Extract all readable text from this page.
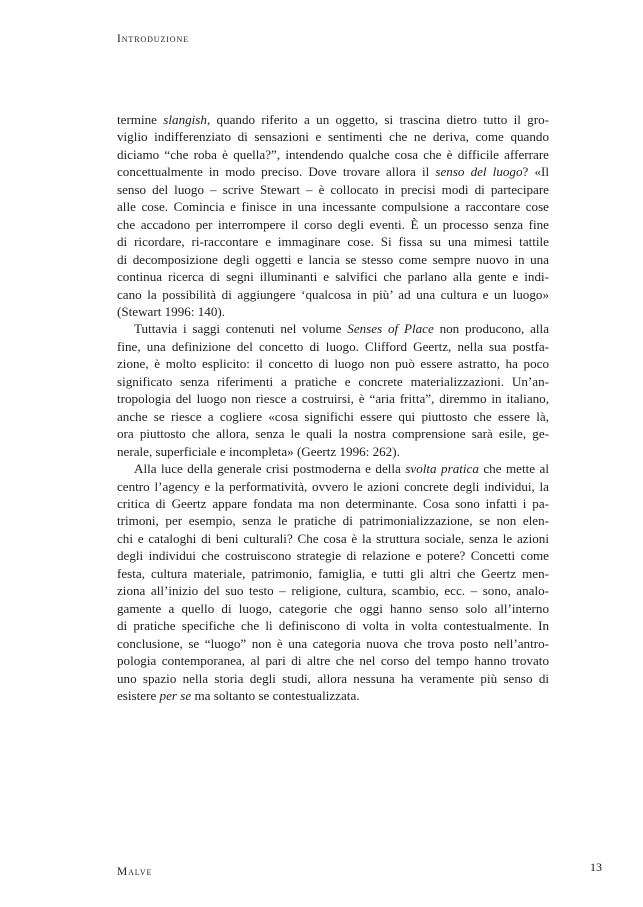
Introduzione

termine slangish, quando riferito a un oggetto, si trascina dietro tutto il gro-
viglio indifferenziato di sensazioni e sentimenti che ne deriva, come quando
diciamo “che roba è quella?”, intendendo qualche cosa che è difficile afferrare
concettualmente in modo preciso. Dove trovare allora il senso del luogo? «Il
senso del luogo – scrive Stewart – è collocato in precisi modi di partecipare
alle cose. Comincia e finisce in una incessante compulsione a raccontare cose
che accadono per interrompere il corso degli eventi. È un processo senza fine
di ricordare, ri-raccontare e immaginare cose. Si fissa su una mimesi tattile
di decomposizione degli oggetti e lancia se stesso come sempre nuovo in una
continua ricerca di segni illuminanti e salvifici che parlano alla gente e indi-
cano la possibilità di aggiungere ‘qualcosa in più’ ad una cultura e un luogo»
(Stewart 1996: 140).

Tuttavia i saggi contenuti nel volume Senses of Place non producono, alla
fine, una definizione del concetto di luogo. Clifford Geertz, nella sua postfa-
zione, è molto esplicito: il concetto di luogo non può essere astratto, ha poco
significato senza riferimenti a pratiche e concrete materializzazioni. Un’an-
tropologia del luogo non riesce a costruirsi, è “aria fritta”, diremmo in italiano,
anche se riesce a cogliere «cosa significhi essere qui piuttosto che essere là,
ora piuttosto che allora, senza le quali la nostra comprensione sarà esile, ge-
nerale, superficiale e incompleta» (Geertz 1996: 262).

Alla luce della generale crisi postmoderna e della svolta pratica che mette al
centro l’agency e la performatività, ovvero le azioni concrete degli individui, la
critica di Geertz appare fondata ma non determinante. Cosa sono infatti i pa-
trimoni, per esempio, senza le pratiche di patrimonializzazione, se non elen-
chi e cataloghi di beni culturali? Che cosa è la struttura sociale, senza le azioni
degli individui che costruiscono strategie di relazione e potere? Concetti come
festa, cultura materiale, patrimonio, famiglia, e tutti gli altri che Geertz men-
ziona all’inizio del suo testo – religione, cultura, scambio, ecc. – sono, analo-
gamente a quello di luogo, categorie che oggi hanno senso solo all’interno
di pratiche specifiche che li definiscono di volta in volta contestualmente. In
conclusione, se “luogo” non è una categoria nuova che trova posto nell’antro-
pologia contemporanea, al pari di altre che nel corso del tempo hanno trovato
uno spazio nella storia degli studi, allora nessuna ha veramente più senso di
esistere per se ma soltanto se contestualizzata.

Malve	13
